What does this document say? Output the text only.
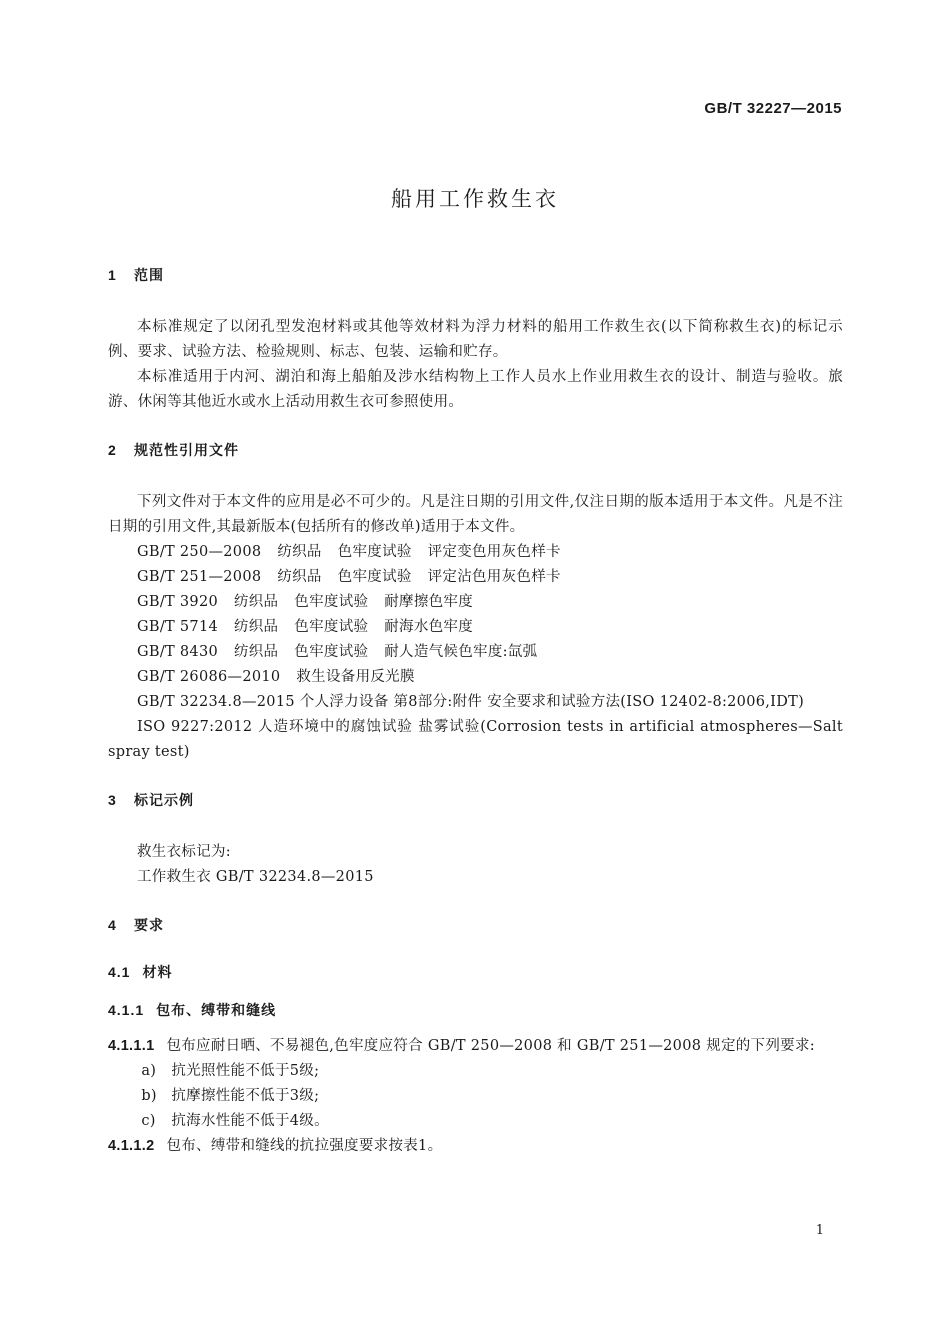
GB/T 32227—2015
船用工作救生衣
1 范围
本标准规定了以闭孔型发泡材料或其他等效材料为浮力材料的船用工作救生衣(以下简称救生衣)的标记示例、要求、试验方法、检验规则、标志、包装、运输和贮存。
本标准适用于内河、湖泊和海上船舶及涉水结构物上工作人员水上作业用救生衣的设计、制造与验收。旅游、休闲等其他近水或水上活动用救生衣可参照使用。
2 规范性引用文件
下列文件对于本文件的应用是必不可少的。凡是注日期的引用文件,仅注日期的版本适用于本文件。凡是不注日期的引用文件,其最新版本(包括所有的修改单)适用于本文件。
GB/T 250—2008 纺织品 色牢度试验 评定变色用灰色样卡
GB/T 251—2008 纺织品 色牢度试验 评定沾色用灰色样卡
GB/T 3920 纺织品 色牢度试验 耐摩擦色牢度
GB/T 5714 纺织品 色牢度试验 耐海水色牢度
GB/T 8430 纺织品 色牢度试验 耐人造气候色牢度:氙弧
GB/T 26086—2010 救生设备用反光膜
GB/T 32234.8—2015 个人浮力设备 第8部分:附件 安全要求和试验方法(ISO 12402-8:2006,IDT)
ISO 9227:2012 人造环境中的腐蚀试验 盐雾试验(Corrosion tests in artificial atmospheres—Salt spray test)
3 标记示例
救生衣标记为:
工作救生衣 GB/T 32234.8—2015
4 要求
4.1 材料
4.1.1 包布、缚带和缝线
4.1.1.1 包布应耐日晒、不易褪色,色牢度应符合 GB/T 250—2008 和 GB/T 251—2008 规定的下列要求:
a) 抗光照性能不低于5级;
b) 抗摩擦性能不低于3级;
c) 抗海水性能不低于4级。
4.1.1.2 包布、缚带和缝线的抗拉强度要求按表1。
1
